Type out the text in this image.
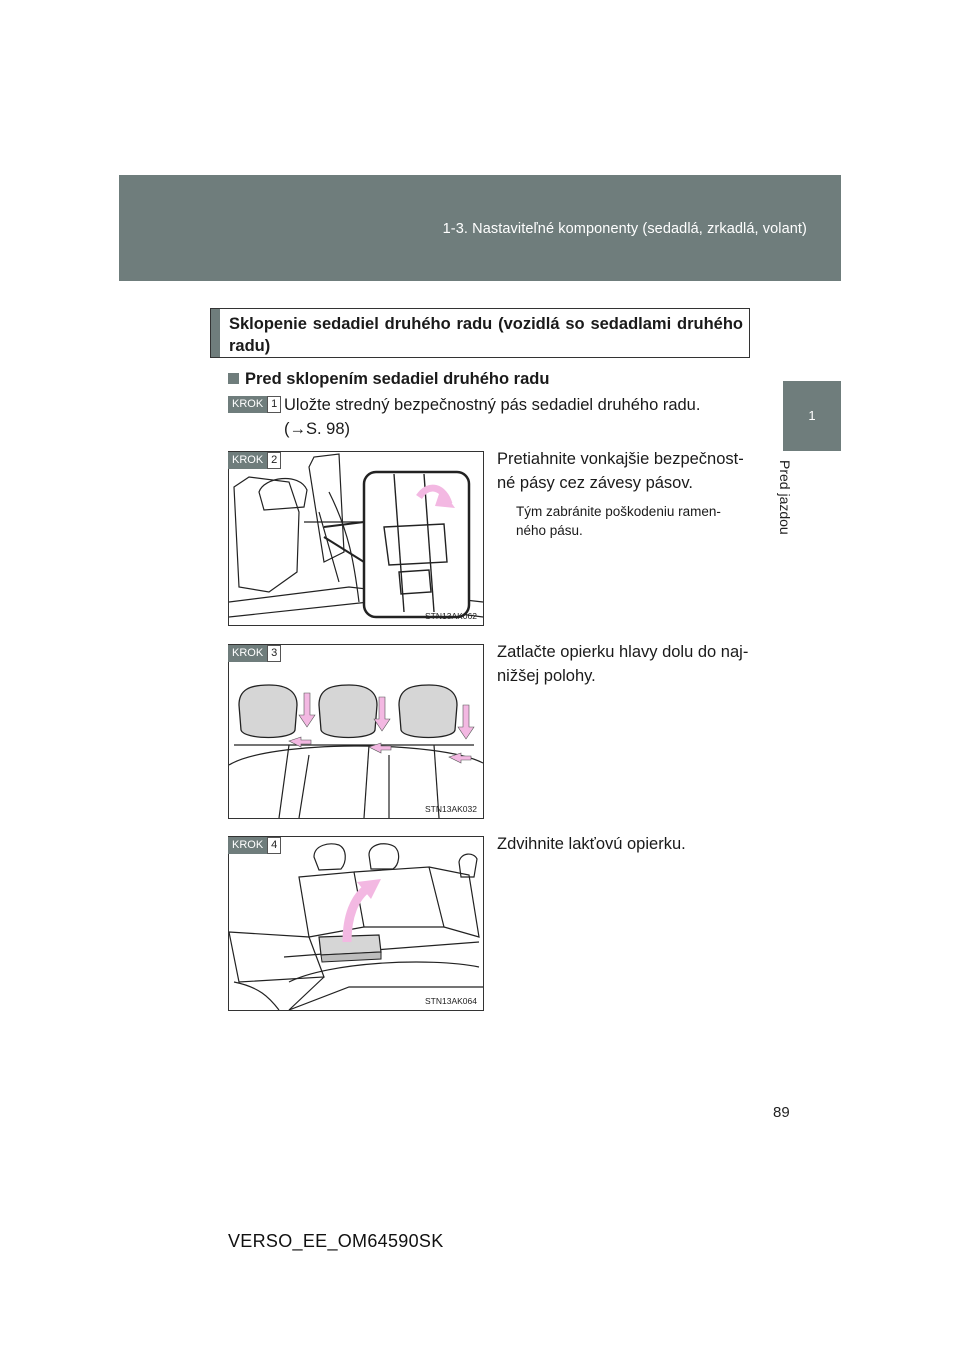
1-3. Nastaviteľné komponenty (sedadlá, zrkadlá, volant)
1
Pred jazdou
Sklopenie sedadiel druhého radu (vozidlá so sedadlami druhého radu)
Pred sklopením sedadiel druhého radu
KROK 1 Uložte stredný bezpečnostný pás sedadiel druhého radu.
(→S. 98)
STN13AK062
KROK 2	Pretiahnite vonkajšie bezpečnost-
né pásy cez závesy pásov.
Tým zabránite poškodeniu ramen-
ného pásu.
STN13AK032
KROK 3	Zatlačte opierku hlavy dolu do naj-
nižšej polohy.
STN13AK064
KROK 4	Zdvihnite lakťovú opierku.
89
VERSO_EE_OM64590SK
